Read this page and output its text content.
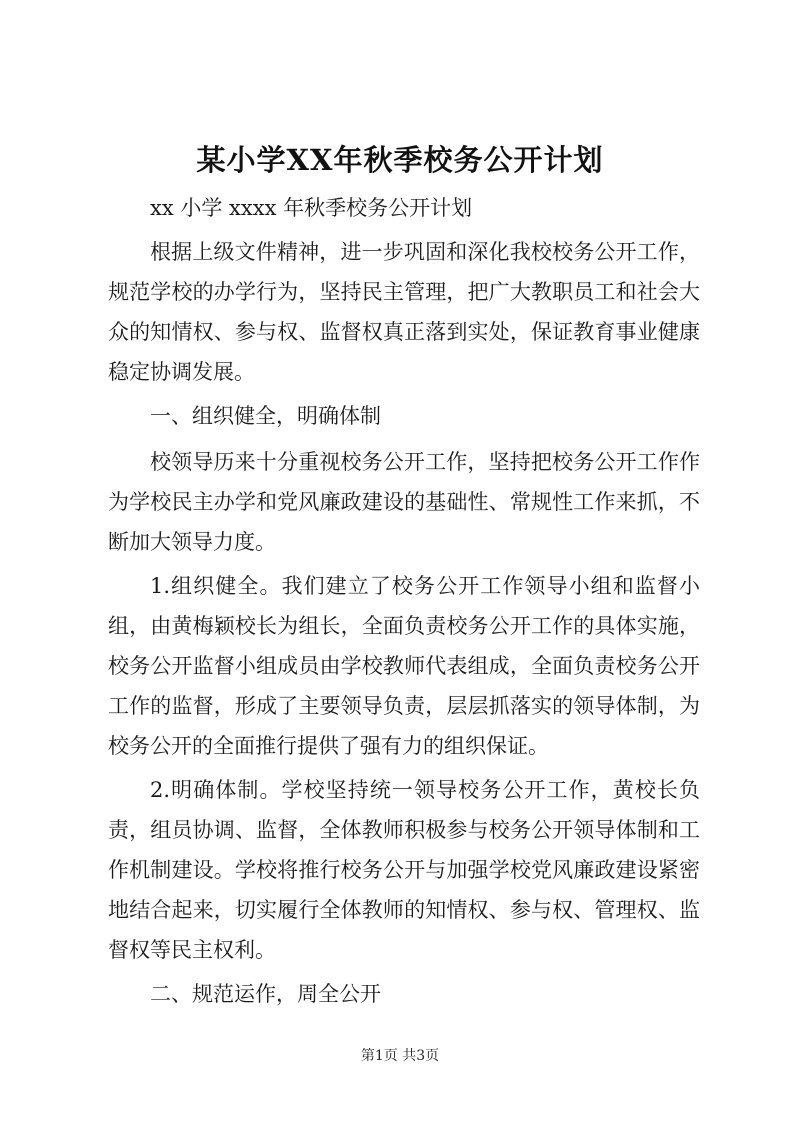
某小学XX年秋季校务公开计划

xx 小学 xxxx 年秋季校务公开计划

根据上级文件精神，进一步巩固和深化我校校务公开工作，规范学校的办学行为，坚持民主管理，把广大教职员工和社会大众的知情权、参与权、监督权真正落到实处，保证教育事业健康稳定协调发展。

一、组织健全，明确体制

校领导历来十分重视校务公开工作，坚持把校务公开工作作为学校民主办学和党风廉政建设的基础性、常规性工作来抓，不断加大领导力度。

1.组织健全。我们建立了校务公开工作领导小组和监督小组，由黄梅颖校长为组长，全面负责校务公开工作的具体实施，校务公开监督小组成员由学校教师代表组成，全面负责校务公开工作的监督，形成了主要领导负责，层层抓落实的领导体制，为校务公开的全面推行提供了强有力的组织保证。

2.明确体制。学校坚持统一领导校务公开工作，黄校长负责，组员协调、监督，全体教师积极参与校务公开领导体制和工作机制建设。学校将推行校务公开与加强学校党风廉政建设紧密地结合起来，切实履行全体教师的知情权、参与权、管理权、监督权等民主权利。

二、规范运作，周全公开

第1页 共3页
